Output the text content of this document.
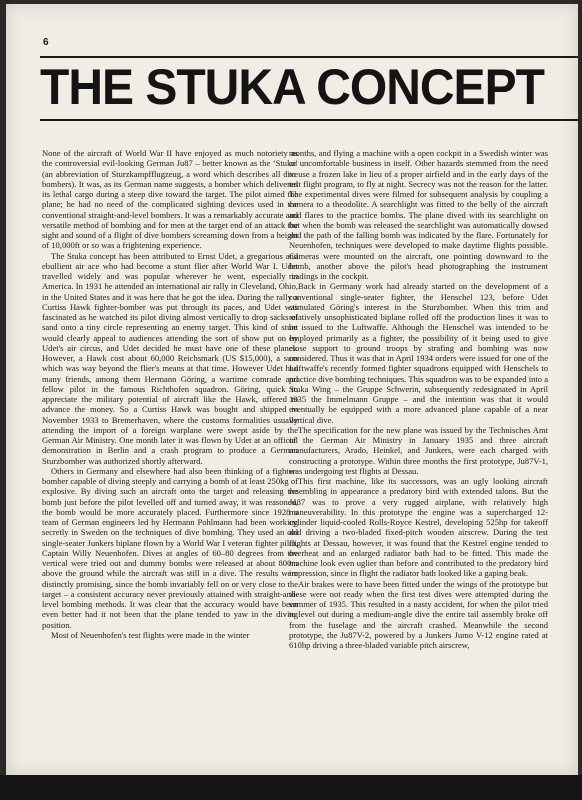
6
THE STUKA CONCEPT

None of the aircraft of World War II have enjoyed as much notoriety as the controversial evil-looking German Ju87 – better known as the ‘Stuka’ (an abbreviation of Sturzkampfflugzeug, a word which describes all dive bombers). It was, as its German name suggests, a bomber which delivered its lethal cargo during a steep dive toward the target. The pilot aimed the plane; he had no need of the complicated sighting devices used in the conventional straight-and-level bombers. It was a remarkably accurate and versatile method of bombing and for men at the target end of an attack the sight and sound of a flight of dive bombers screaming down from a height of 10,000ft or so was a frightening experience.

The Stuka concept has been attributed to Ernst Udet, a gregarious and ebullient air ace who had become a stunt flier after World War I. Udet travelled widely and was popular wherever he went, especially in America. In 1931 he attended an international air rally in Cleveland, Ohio, in the United States and it was here that he got the idea. During the rally a Curtiss Hawk fighter-bomber was put through its paces, and Udet was fascinated as he watched its pilot diving almost vertically to drop sacks of sand onto a tiny circle representing an enemy target. This kind of stunt would clearly appeal to audiences attending the sort of show put on by Udet's air circus, and Udet decided he must have one of these planes. However, a Hawk cost about 60,000 Reichsmark (US $15,000), a sum which was way beyond the flier's means at that time. However Udet had many friends, among them Hermann Göring, a wartime comrade and fellow pilot in the famous Richthofen squadron. Göring, quick to appreciate the military potential of aircraft like the Hawk, offered to advance the money. So a Curtiss Hawk was bought and shipped in November 1933 to Bremerhaven, where the customs formalities usually attending the import of a foreign warplane were swept aside by the German Air Ministry. One month later it was flown by Udet at an official demonstration in Berlin and a crash program to produce a German Sturzbomber was authorized shortly afterward.

Others in Germany and elsewhere had also been thinking of a fighter-bomber capable of diving steeply and carrying a bomb of at least 250kg of explosive. By diving such an aircraft onto the target and releasing the bomb just before the pilot levelled off and turned away, it was reasoned, the bomb would be more accurately placed. Furthermore since 1928 a team of German engineers led by Hermann Pohlmann had been working secretly in Sweden on the techniques of dive bombing. They used an old single-seater Junkers biplane flown by a World War I veteran fighter pilot, Captain Willy Neuenhofen. Dives at angles of 60–80 degrees from the vertical were tried out and dummy bombs were released at about 800m above the ground while the aircraft was still in a dive. The results were distinctly promising, since the bomb invariably fell on or very close to the target – a consistent accuracy never previously attained with straight-and-level bombing methods. It was clear that the accuracy would have been even better had it not been that the plane tended to yaw in the diving position.

Most of Neuenhofen's test flights were made in the winter

months, and flying a machine with a open cockpit in a Swedish winter was an uncomfortable business in itself. Other hazards stemmed from the need to use a frozen lake in lieu of a proper airfield and in the early days of the test flight program, to fly at night. Secrecy was not the reason for the latter. The experimental dives were filmed for subsequent analysis by coupling a camera to a theodolite. A searchlight was fitted to the belly of the aircraft and flares to the practice bombs. The plane dived with its searchlight on but when the bomb was released the searchlight was automatically dowsed and the path of the falling bomb was indicated by the flare. Fortunately for Neuenhofen, techniques were developed to make daytime flights possible. Cameras were mounted on the aircraft, one pointing downward to the bomb, another above the pilot's head photographing the instrument readings in the cockpit.

Back in Germany work had already started on the development of a conventional single-seater fighter, the Henschel 123, before Udet stimulated Göring's interest in the Sturzbomber. When this trim and relatively unsophisticated biplane rolled off the production lines it was to be issued to the Luftwaffe. Although the Henschel was intended to be employed primarily as a fighter, the possibility of it being used to give close support to ground troops by strafing and bombing was now considered. Thus it was that in April 1934 orders were issued for one of the Luftwaffe's recently formed fighter squadrons equipped with Henschels to practice dive bombing techniques. This squadron was to be expanded into a Stuka Wing – the Gruppe Schwerin, subsequently redesignated in April 1935 the Immelmann Gruppe – and the intention was that it would eventually be equipped with a more advanced plane capable of a near vertical dive.

The specification for the new plane was issued by the Technisches Amt of the German Air Ministry in January 1935 and three aircraft manufacturers, Arado, Heinkel, and Junkers, were each charged with constructing a prototype. Within three months the first prototype, Ju87V-1, was undergoing test flights at Dessau.

This first machine, like its successors, was an ugly looking aircraft resembling in appearance a predatory bird with extended talons. But the Ju87 was to prove a very rugged airplane, with relatively high maneuverability. In this prototype the engine was a supercharged 12-cylinder liquid-cooled Rolls-Royce Kestrel, developing 525hp for takeoff and driving a two-bladed fixed-pitch wooden airscrew. During the test flights at Dessau, however, it was found that the Kestrel engine tended to overheat and an enlarged radiator bath had to be fitted. This made the machine look even uglier than before and contributed to the predatory bird impression, since in flight the radiator bath looked like a gaping beak.

Air brakes were to have been fitted under the wings of the prototype but these were not ready when the first test dives were attempted during the summer of 1935. This resulted in a nasty accident, for when the pilot tried to level out during a medium-angle dive the entire tail assembly broke off from the fuselage and the aircraft crashed. Meanwhile the second prototype, the Ju87V-2, powered by a Junkers Jumo V-12 engine rated at 610hp driving a three-bladed variable pitch airscrew,
